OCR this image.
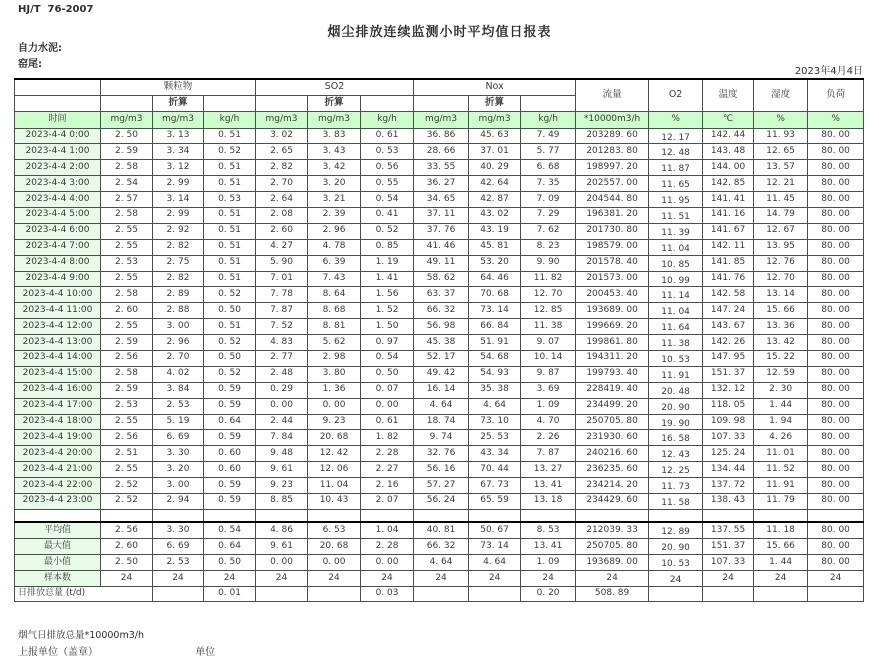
HJ/T  76-2007
烟尘排放连续监测小时平均值日报表
自力水泥:
窑尾:
2023年4月4日
	颗粒物			SO2			Nox			流量	O2	温度	湿度	负荷
		折算			折算			折算						
时间	mg/m3	mg/m3	kg/h	mg/m3	mg/m3	kg/h	mg/m3	mg/m3	kg/h	*10000m3/h	%	℃	%	%
2023-4-4 0:00	2. 50	3. 13	0. 51	3. 02	3. 83	0. 61	36. 86	45. 63	7. 49	203289. 60	12. 17	142. 44	11. 93	80. 00
2023-4-4 1:00	2. 59	3. 34	0. 52	2. 65	3. 43	0. 53	28. 66	37. 01	5. 77	201283. 80	12. 48	143. 48	12. 65	80. 00
2023-4-4 2:00	2. 58	3. 12	0. 51	2. 82	3. 42	0. 56	33. 55	40. 29	6. 68	198997. 20	11. 87	144. 00	13. 57	80. 00
2023-4-4 3:00	2. 54	2. 99	0. 51	2. 70	3. 20	0. 55	36. 27	42. 64	7. 35	202557. 00	11. 65	142. 85	12. 21	80. 00
2023-4-4 4:00	2. 57	3. 14	0. 53	2. 64	3. 21	0. 54	34. 65	42. 87	7. 09	204544. 80	11. 95	141. 41	11. 45	80. 00
2023-4-4 5:00	2. 58	2. 99	0. 51	2. 08	2. 39	0. 41	37. 11	43. 02	7. 29	196381. 20	11. 51	141. 16	14. 79	80. 00
2023-4-4 6:00	2. 55	2. 92	0. 51	2. 60	2. 96	0. 52	37. 76	43. 19	7. 62	201730. 80	11. 39	141. 67	12. 67	80. 00
2023-4-4 7:00	2. 55	2. 82	0. 51	4. 27	4. 78	0. 85	41. 46	45. 81	8. 23	198579. 00	11. 04	142. 11	13. 95	80. 00
2023-4-4 8:00	2. 53	2. 75	0. 51	5. 90	6. 39	1. 19	49. 11	53. 20	9. 90	201578. 40	10. 85	141. 85	12. 76	80. 00
2023-4-4 9:00	2. 55	2. 82	0. 51	7. 01	7. 43	1. 41	58. 62	64. 46	11. 82	201573. 00	10. 99	141. 76	12. 70	80. 00
2023-4-4 10:00	2. 58	2. 89	0. 52	7. 78	8. 64	1. 56	63. 37	70. 68	12. 70	200453. 40	11. 14	142. 58	13. 14	80. 00
2023-4-4 11:00	2. 60	2. 88	0. 50	7. 87	8. 68	1. 52	66. 32	73. 14	12. 85	193689. 00	11. 04	147. 24	15. 66	80. 00
2023-4-4 12:00	2. 55	3. 00	0. 51	7. 52	8. 81	1. 50	56. 98	66. 84	11. 38	199669. 20	11. 64	143. 67	13. 36	80. 00
2023-4-4 13:00	2. 59	2. 96	0. 52	4. 83	5. 62	0. 97	45. 38	51. 91	9. 07	199861. 80	11. 38	142. 26	13. 42	80. 00
2023-4-4 14:00	2. 56	2. 70	0. 50	2. 77	2. 98	0. 54	52. 17	54. 68	10. 14	194311. 20	10. 53	147. 95	15. 22	80. 00
2023-4-4 15:00	2. 58	4. 02	0. 52	2. 48	3. 80	0. 50	49. 42	54. 93	9. 87	199793. 40	11. 91	151. 37	12. 59	80. 00
2023-4-4 16:00	2. 59	3. 84	0. 59	0. 29	1. 36	0. 07	16. 14	35. 38	3. 69	228419. 40	20. 48	132. 12	2. 30	80. 00
2023-4-4 17:00	2. 53	2. 53	0. 59	0. 00	0. 00	0. 00	4. 64	4. 64	1. 09	234499. 20	20. 90	118. 05	1. 44	80. 00
2023-4-4 18:00	2. 55	5. 19	0. 64	2. 44	9. 23	0. 61	18. 74	73. 10	4. 70	250705. 80	19. 90	109. 98	1. 94	80. 00
2023-4-4 19:00	2. 56	6. 69	0. 59	7. 84	20. 68	1. 82	9. 74	25. 53	2. 26	231930. 60	16. 58	107. 33	4. 26	80. 00
2023-4-4 20:00	2. 51	3. 30	0. 60	9. 48	12. 42	2. 28	32. 76	43. 34	7. 87	240216. 60	12. 43	125. 24	11. 01	80. 00
2023-4-4 21:00	2. 55	3. 20	0. 60	9. 61	12. 06	2. 27	56. 16	70. 44	13. 27	236235. 60	12. 25	134. 44	11. 52	80. 00
2023-4-4 22:00	2. 52	3. 00	0. 59	9. 23	11. 04	2. 16	57. 27	67. 73	13. 41	234214. 20	11. 73	137. 72	11. 91	80. 00
2023-4-4 23:00	2. 52	2. 94	0. 59	8. 85	10. 43	2. 07	56. 24	65. 59	13. 18	234429. 60	11. 58	138. 43	11. 79	80. 00

平均值	2. 56	3. 30	0. 54	4. 86	6. 53	1. 04	40. 81	50. 67	8. 53	212039. 33	12. 89	137. 55	11. 18	80. 00
最大值	2. 60	6. 69	0. 64	9. 61	20. 68	2. 28	66. 32	73. 14	13. 41	250705. 80	20. 90	151. 37	15. 66	80. 00
最小值	2. 50	2. 53	0. 50	0. 00	0. 00	0. 00	4. 64	4. 64	1. 09	193689. 00	10. 53	107. 33	1. 44	80. 00
样本数	24	24	24	24	24	24	24	24	24	24	24	24	24	24
日排放总量 (t/d)			0. 01			0. 03			0. 20	508. 89				
烟气日排放总量*10000m3/h
上报单位（盖章）	单位
